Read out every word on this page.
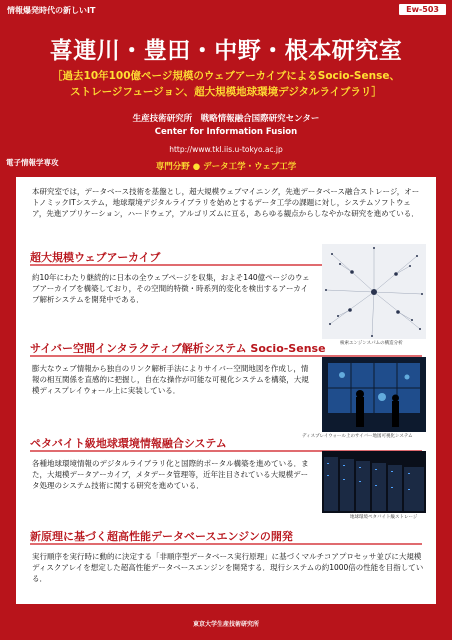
情報爆発時代の新しいIT	Ew-503
喜連川・豊田・中野・根本研究室
［過去10年100億ページ規模のウェブアーカイブによるSocio-Sense、
ストレージフュージョン、超大規模地球環境デジタルライブラリ］
生産技術研究所　戦略情報融合国際研究センター
Center for Information Fusion
http://www.tkl.iis.u-tokyo.ac.jp
電子情報学専攻	専門分野 ● データ工学・ウェブ工学
本研究室では，データベース技術を基盤とし，超大規模ウェブマイニング，先進データベース融合ストレージ，オートノミックITシステム，地球環境デジタルライブラリを始めとするデータ工学の課題に対し，システムソフトウェア，先進アプリケーション，ハードウェア，アルゴリズムに亘る，あらゆる観点からしなやかな研究を進めている．
超大規模ウェブアーカイブ
約10年にわたり継続的に日本の全ウェブページを収集，およそ140億ページのウェブアーカイブを構築しており，その空間的特徴・時系列的変化を検出するアーカイブ解析システムを開発中である．
検索エンジンスパムの構造分析
サイバー空間インタラクティブ解析システム Socio-Sense
膨大なウェブ情報から独自のリンク解析手法によりサイバー空間地図を作成し，情報の相互関係を直感的に把握し，自在な操作が可能な可視化システムを構築，大規模ディスプレイウォール上に実装している．
ディスプレイウォール上のサイバー地図可視化システム
ペタバイト級地球環境情報融合システム
各種地球環境情報のデジタルライブラリ化と国際的ポータル構築を進めている．また，大規模データアーカイブ，メタデータ管理等，近年注目されている大規模データ処理のシステム技術に関する研究を進めている．
地球環境ペタバイト級ストレージ
新原理に基づく超高性能データベースエンジンの開発
実行順序を実行時に動的に決定する「非順序型データベース実行原理」に基づくマルチコアプロセッサ並びに大規模ディスクアレイを想定した超高性能データベースエンジンを開発する．現行システムの約1000倍の性能を目指している．
東京大学生産技術研究所
